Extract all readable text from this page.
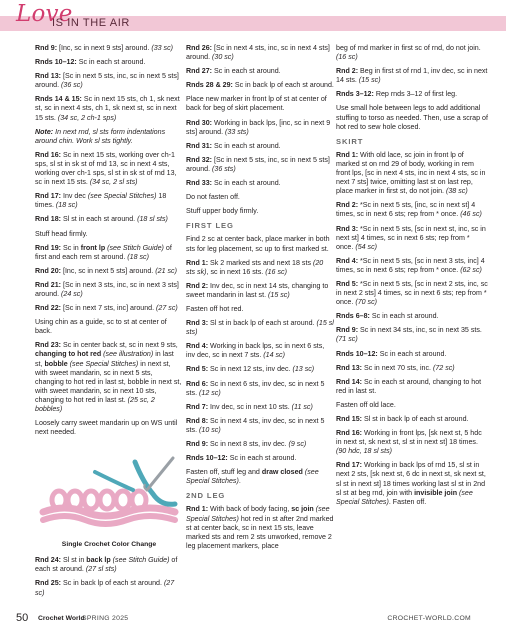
Love
IS IN THE AIR

Rnd 9: [Inc, sc in next 9 sts] around. (33 sc)

Rnds 10–12: Sc in each st around.

Rnd 13: [Sc in next 5 sts, inc, sc in next 5 sts] around. (36 sc)

Rnds 14 & 15: Sc in next 15 sts, ch 1, sk next st, sc in next 4 sts, ch 1, sk next st, sc in next 15 sts. (34 sc, 2 ch-1 sps)

Note: In next rnd, sl sts form indentations around chin. Work sl sts tightly.

Rnd 16: Sc in next 15 sts, working over ch-1 sps, sl st in sk st of rnd 13, sc in next 4 sts, working over ch-1 sps, sl st in sk st of rnd 13, sc in next 15 sts. (34 sc, 2 sl sts)

Rnd 17: Inv dec (see Special Stitches) 18 times. (18 sc)

Rnd 18: Sl st in each st around. (18 sl sts)

Stuff head firmly.

Rnd 19: Sc in front lp (see Stitch Guide) of first and each rem st around. (18 sc)

Rnd 20: [Inc, sc in next 5 sts] around. (21 sc)

Rnd 21: [Sc in next 3 sts, inc, sc in next 3 sts] around. (24 sc)

Rnd 22: [Sc in next 7 sts, inc] around. (27 sc)

Using chin as a guide, sc to st at center of back.

Rnd 23: Sc in center back st, sc in next 9 sts, changing to hot red (see illustration) in last st, bobble (see Special Stitches) in next st, with sweet mandarin, sc in next 5 sts, changing to hot red in last st, bobble in next st, with sweet mandarin, sc in next 10 sts, changing to hot red in last st. (25 sc, 2 bobbles)

Loosely carry sweet mandarin up on WS until next needed.

Single Crochet Color Change

Rnd 24: Sl st in back lp (see Stitch Guide) of each st around. (27 sl sts)

Rnd 25: Sc in back lp of each st around. (27 sc)

Rnd 26: [Sc in next 4 sts, inc, sc in next 4 sts] around. (30 sc)

Rnd 27: Sc in each st around.

Rnds 28 & 29: Sc in back lp of each st around.

Place new marker in front lp of st at center of back for beg of skirt placement.

Rnd 30: Working in back lps, [inc, sc in next 9 sts] around. (33 sts)

Rnd 31: Sc in each st around.

Rnd 32: [Sc in next 5 sts, inc, sc in next 5 sts] around. (36 sts)

Rnd 33: Sc in each st around.

Do not fasten off.

Stuff upper body firmly.

FIRST LEG

Find 2 sc at center back, place marker in both sts for leg placement, sc up to first marked st.

Rnd 1: Sk 2 marked sts and next 18 sts (20 sts sk), sc in next 16 sts. (16 sc)

Rnd 2: Inv dec, sc in next 14 sts, changing to sweet mandarin in last st. (15 sc)

Fasten off hot red.

Rnd 3: Sl st in back lp of each st around. (15 sl sts)

Rnd 4: Working in back lps, sc in next 6 sts, inv dec, sc in next 7 sts. (14 sc)

Rnd 5: Sc in next 12 sts, inv dec. (13 sc)

Rnd 6: Sc in next 6 sts, inv dec, sc in next 5 sts. (12 sc)

Rnd 7: Inv dec, sc in next 10 sts. (11 sc)

Rnd 8: Sc in next 4 sts, inv dec, sc in next 5 sts. (10 sc)

Rnd 9: Sc in next 8 sts, inv dec. (9 sc)

Rnds 10–12: Sc in each st around.

Fasten off, stuff leg and draw closed (see Special Stitches).

2ND LEG

Rnd 1: With back of body facing, sc join (see Special Stitches) hot red in st after 2nd marked st at center back, sc in next 15 sts, leave marked sts and rem 2 sts unworked, remove 2 leg placement markers, place

beg of rnd marker in first sc of rnd, do not join. (16 sc)

Rnd 2: Beg in first st of rnd 1, inv dec, sc in next 14 sts. (15 sc)

Rnds 3–12: Rep rnds 3–12 of first leg.

Use small hole between legs to add additional stuffing to torso as needed. Then, use a scrap of hot red to sew hole closed.

SKIRT

Rnd 1: With old lace, sc join in front lp of marked st on rnd 29 of body, working in rem front lps, [sc in next 4 sts, inc in next 4 sts, sc in next 7 sts] twice, omitting last st on last rep, place marker in first st, do not join. (38 sc)

Rnd 2: *Sc in next 5 sts, [inc, sc in next st] 4 times, sc in next 6 sts; rep from * once. (46 sc)

Rnd 3: *Sc in next 5 sts, [sc in next st, inc, sc in next st] 4 times, sc in next 6 sts; rep from * once. (54 sc)

Rnd 4: *Sc in next 5 sts, [sc in next 3 sts, inc] 4 times, sc in next 6 sts; rep from * once. (62 sc)

Rnd 5: *Sc in next 5 sts, [sc in next 2 sts, inc, sc in next 2 sts] 4 times, sc in next 6 sts; rep from * once. (70 sc)

Rnds 6–8: Sc in each st around.

Rnd 9: Sc in next 34 sts, inc, sc in next 35 sts. (71 sc)

Rnds 10–12: Sc in each st around.

Rnd 13: Sc in next 70 sts, inc. (72 sc)

Rnd 14: Sc in each st around, changing to hot red in last st.

Fasten off old lace.

Rnd 15: Sl st in back lp of each st around.

Rnd 16: Working in front lps, [sk next st, 5 hdc in next st, sk next st, sl st in next st] 18 times. (90 hdc, 18 sl sts)

Rnd 17: Working in back lps of rnd 15, sl st in next 2 sts, [sk next st, 6 dc in next st, sk next st, sl st in next st] 18 times working last sl st in 2nd sl st at beg rnd, join with invisible join (see Special Stitches). Fasten off.

50 Crochet World
SPRING 2025	CROCHET-WORLD.COM
